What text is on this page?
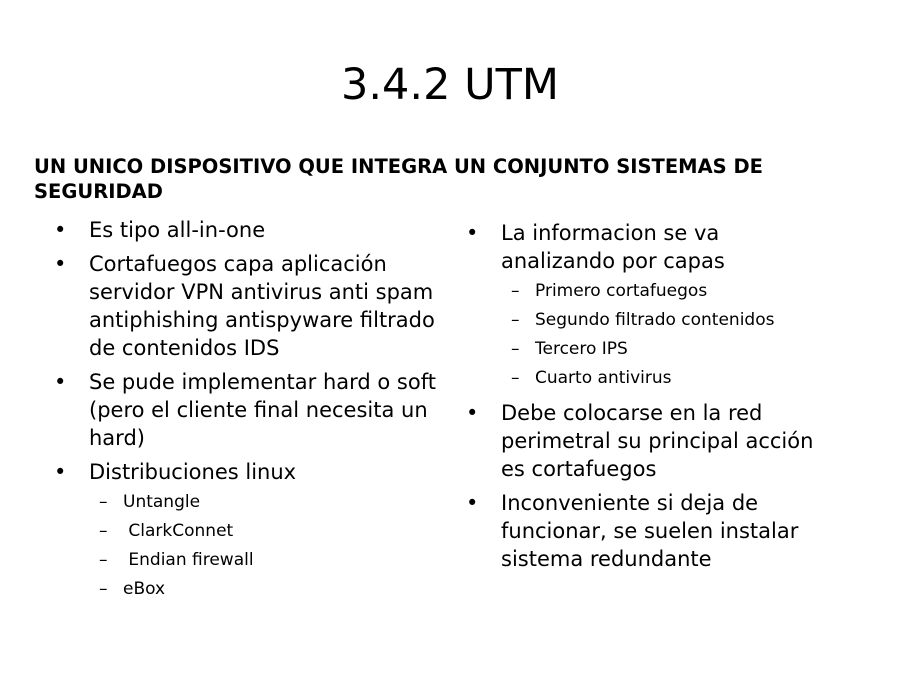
3.4.2 UTM
UN UNICO DISPOSITIVO QUE INTEGRA UN CONJUNTO SISTEMAS DE SEGURIDAD
•	Es tipo all-in-one
•	Cortafuegos capa aplicación servidor VPN antivirus anti spam antiphishing antispyware filtrado de contenidos IDS
•	Se pude implementar hard o soft (pero el cliente final necesita un hard)
•	Distribuciones linux
– Untangle
– ClarkConnet
– Endian firewall
– eBox
•	La informacion se va analizando por capas
– Primero cortafuegos
– Segundo filtrado contenidos
– Tercero IPS
– Cuarto antivirus
•	Debe colocarse en la red perimetral su principal acción es cortafuegos
•	Inconveniente si deja de funcionar, se suelen instalar sistema redundante
